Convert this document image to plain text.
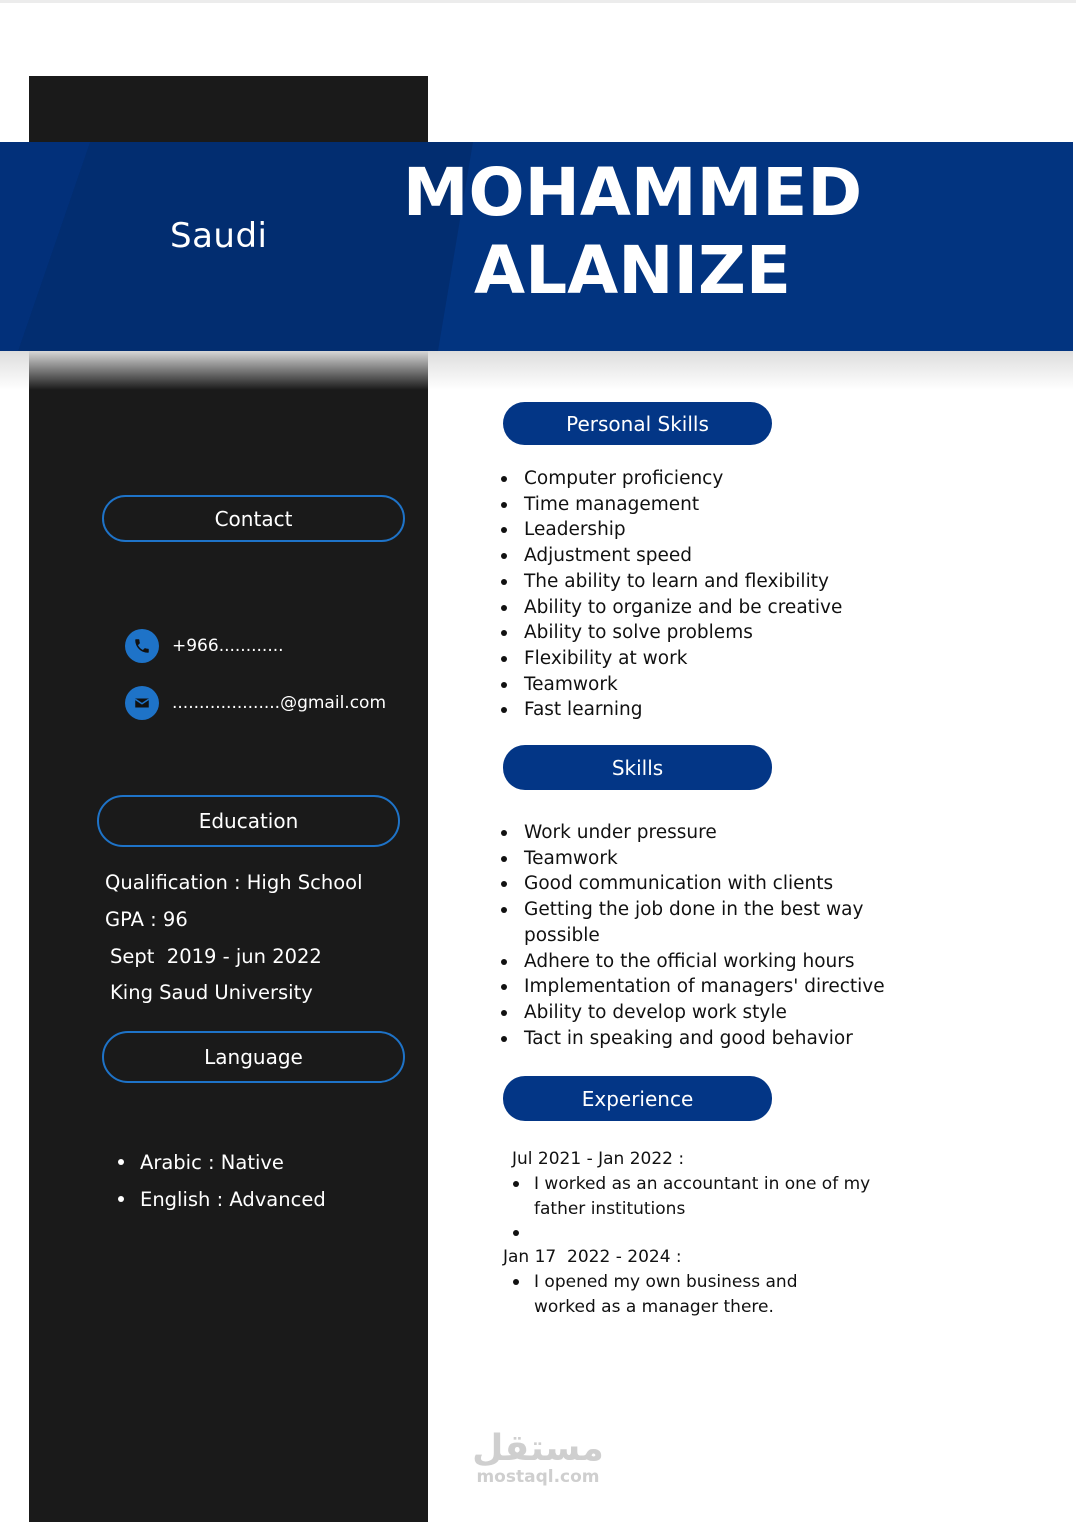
Saudi
MOHAMMED
ALANIZE
Contact
+966............
....................@gmail.com
Education
Qualification : High School
GPA : 96
Sept  2019 - jun 2022
King Saud University
Language
Arabic : Native
English : Advanced
Personal Skills
Computer proficiency
Time management
Leadership
Adjustment speed
The ability to learn and flexibility
Ability to organize and be creative
Ability to solve problems
Flexibility at work
Teamwork
Fast learning
Skills
Work under pressure
Teamwork
Good communication with clients
Getting the job done in the best way possible
Adhere to the official working hours
Implementation of managers' directive
Ability to develop work style
Tact in speaking and good behavior
Experience
Jul 2021 - Jan 2022 :
I worked as an accountant in one of my father institutions
Jan 17  2022 - 2024 :
I opened my own business and worked as a manager there.
مستقل
mostaql.com
